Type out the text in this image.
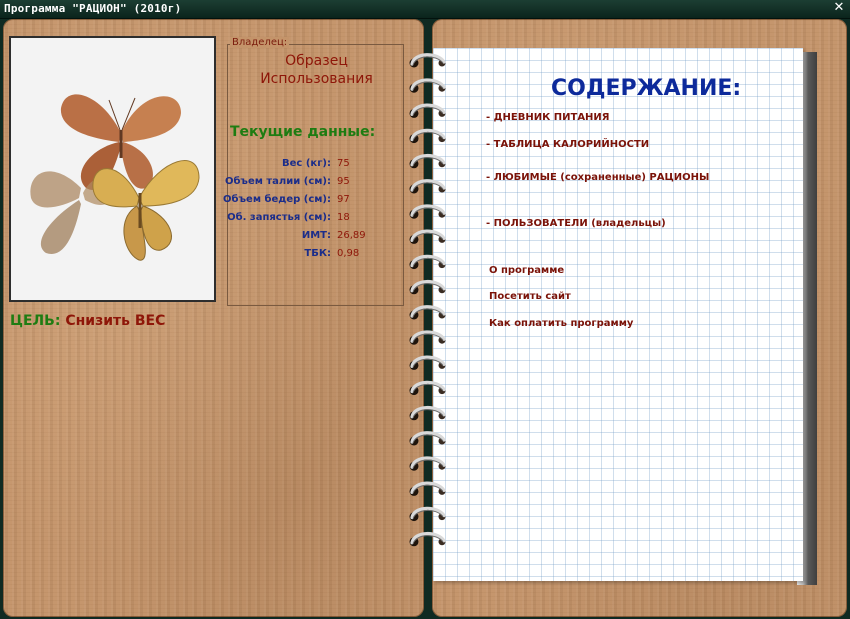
Программа "РАЦИОН" (2010г)	✕
Владелец:
Образец
Использования
Текущие данные:
Вес (кг): 75
Объем талии (см): 95
Объем бедер (см): 97
Об. запястья (см): 18
ИМТ: 26,89
ТБК: 0,98
ЦЕЛЬ: Снизить ВЕС
СОДЕРЖАНИЕ:
- ДНЕВНИК ПИТАНИЯ
- ТАБЛИЦА КАЛОРИЙНОСТИ
- ЛЮБИМЫЕ (сохраненные) РАЦИОНЫ
- ПОЛЬЗОВАТЕЛИ (владельцы)
О программе
Посетить сайт
Как оплатить программу
